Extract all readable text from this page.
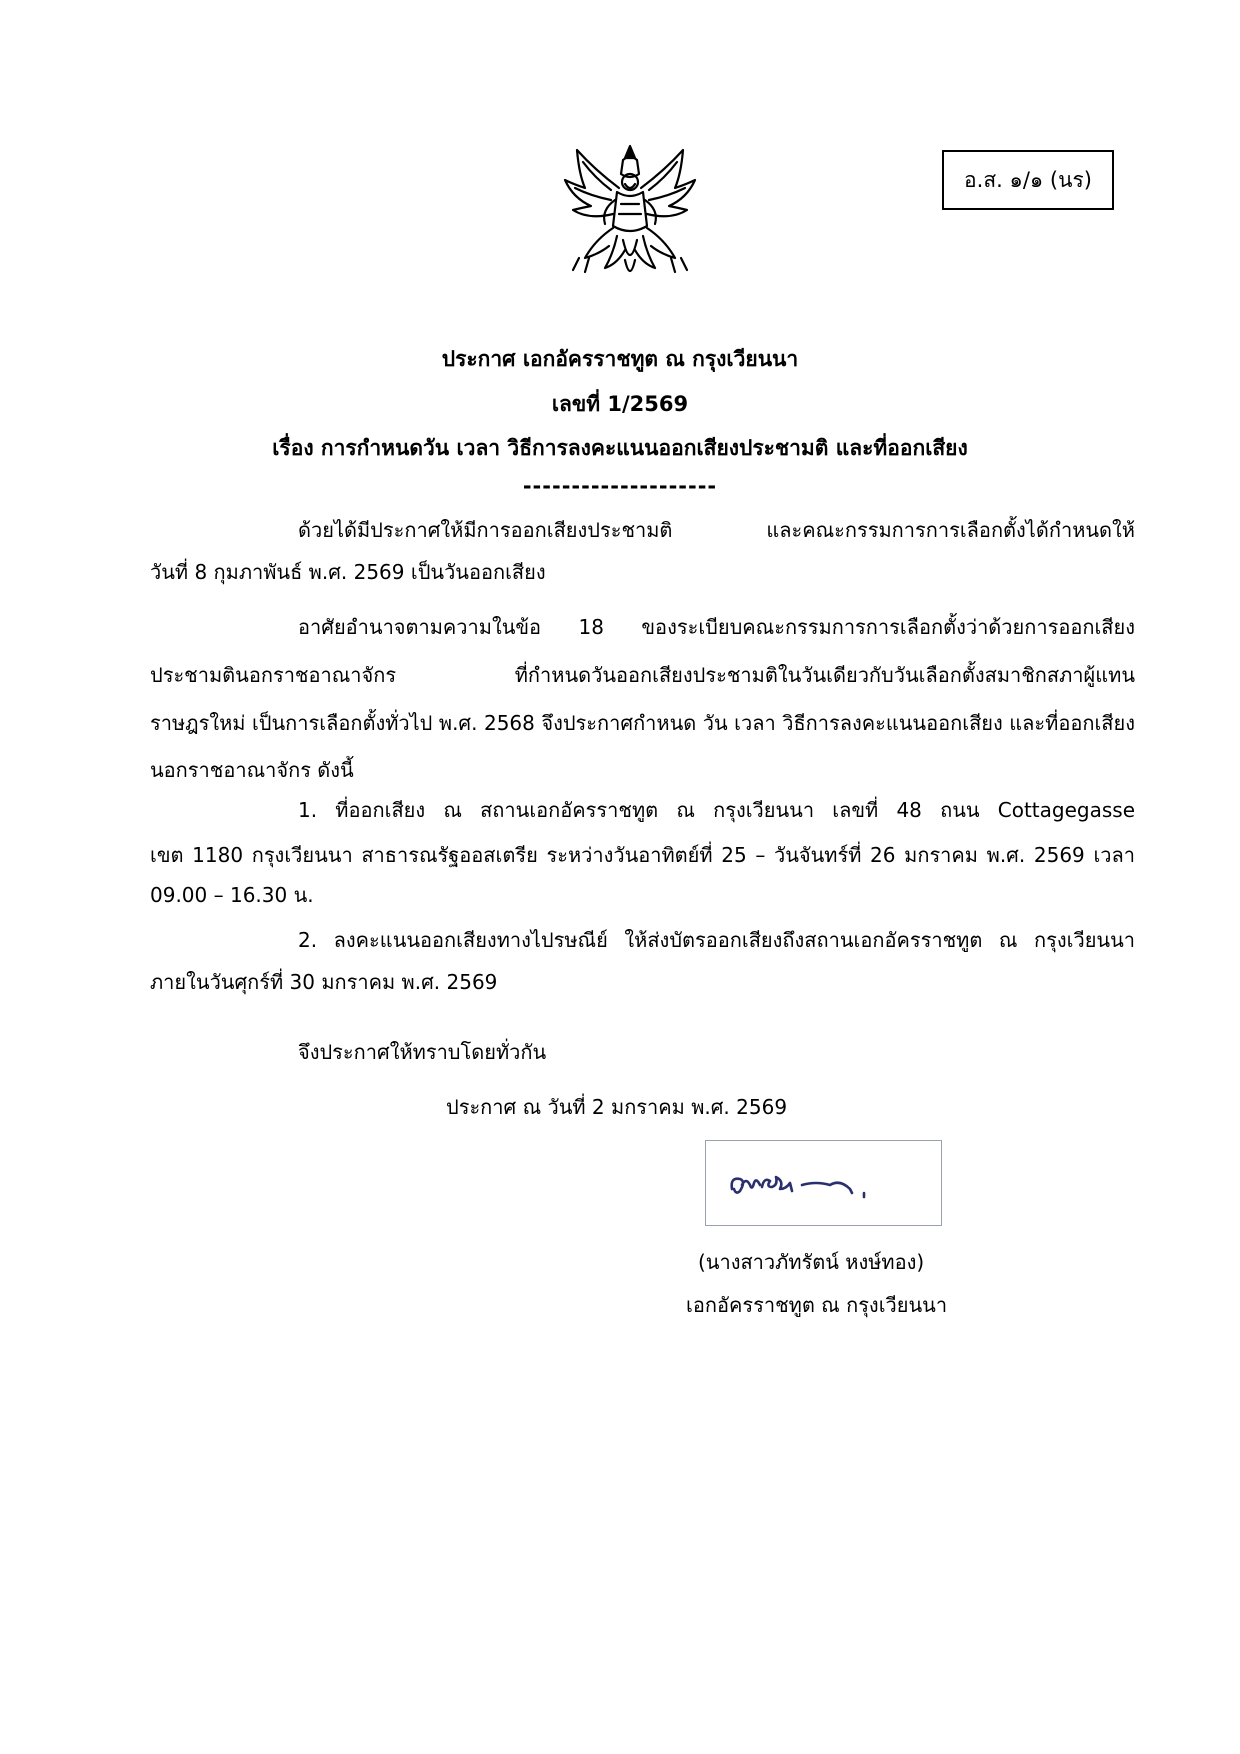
อ.ส. ๑/๑ (นร)
ประกาศ เอกอัครราชทูต ณ กรุงเวียนนา
เลขที่ 1/2569
เรื่อง การกำหนดวัน เวลา วิธีการลงคะแนนออกเสียงประชามติ และที่ออกเสียง
--------------------
ด้วยได้มีประกาศให้มีการออกเสียงประชามติ และคณะกรรมการการเลือกตั้งได้กำหนดให้
วันที่ 8 กุมภาพันธ์ พ.ศ. 2569 เป็นวันออกเสียง
อาศัยอำนาจตามความในข้อ 18 ของระเบียบคณะกรรมการการเลือกตั้งว่าด้วยการออกเสียง
ประชามตินอกราชอาณาจักร ที่กำหนดวันออกเสียงประชามติในวันเดียวกับวันเลือกตั้งสมาชิกสภาผู้แทน
ราษฎรใหม่ เป็นการเลือกตั้งทั่วไป พ.ศ. 2568 จึงประกาศกำหนด วัน เวลา วิธีการลงคะแนนออกเสียง และที่ออกเสียง
นอกราชอาณาจักร ดังนี้
1. ที่ออกเสียง ณ สถานเอกอัครราชทูต ณ กรุงเวียนนา เลขที่ 48 ถนน Cottagegasse
เขต 1180 กรุงเวียนนา สาธารณรัฐออสเตรีย ระหว่างวันอาทิตย์ที่ 25 – วันจันทร์ที่ 26 มกราคม พ.ศ. 2569 เวลา
09.00 – 16.30 น.
2. ลงคะแนนออกเสียงทางไปรษณีย์ ให้ส่งบัตรออกเสียงถึงสถานเอกอัครราชทูต ณ กรุงเวียนนา
ภายในวันศุกร์ที่ 30 มกราคม พ.ศ. 2569
จึงประกาศให้ทราบโดยทั่วกัน
ประกาศ ณ วันที่ 2 มกราคม พ.ศ. 2569
(นางสาวภัทรัตน์ หงษ์ทอง)
เอกอัครราชทูต ณ กรุงเวียนนา
